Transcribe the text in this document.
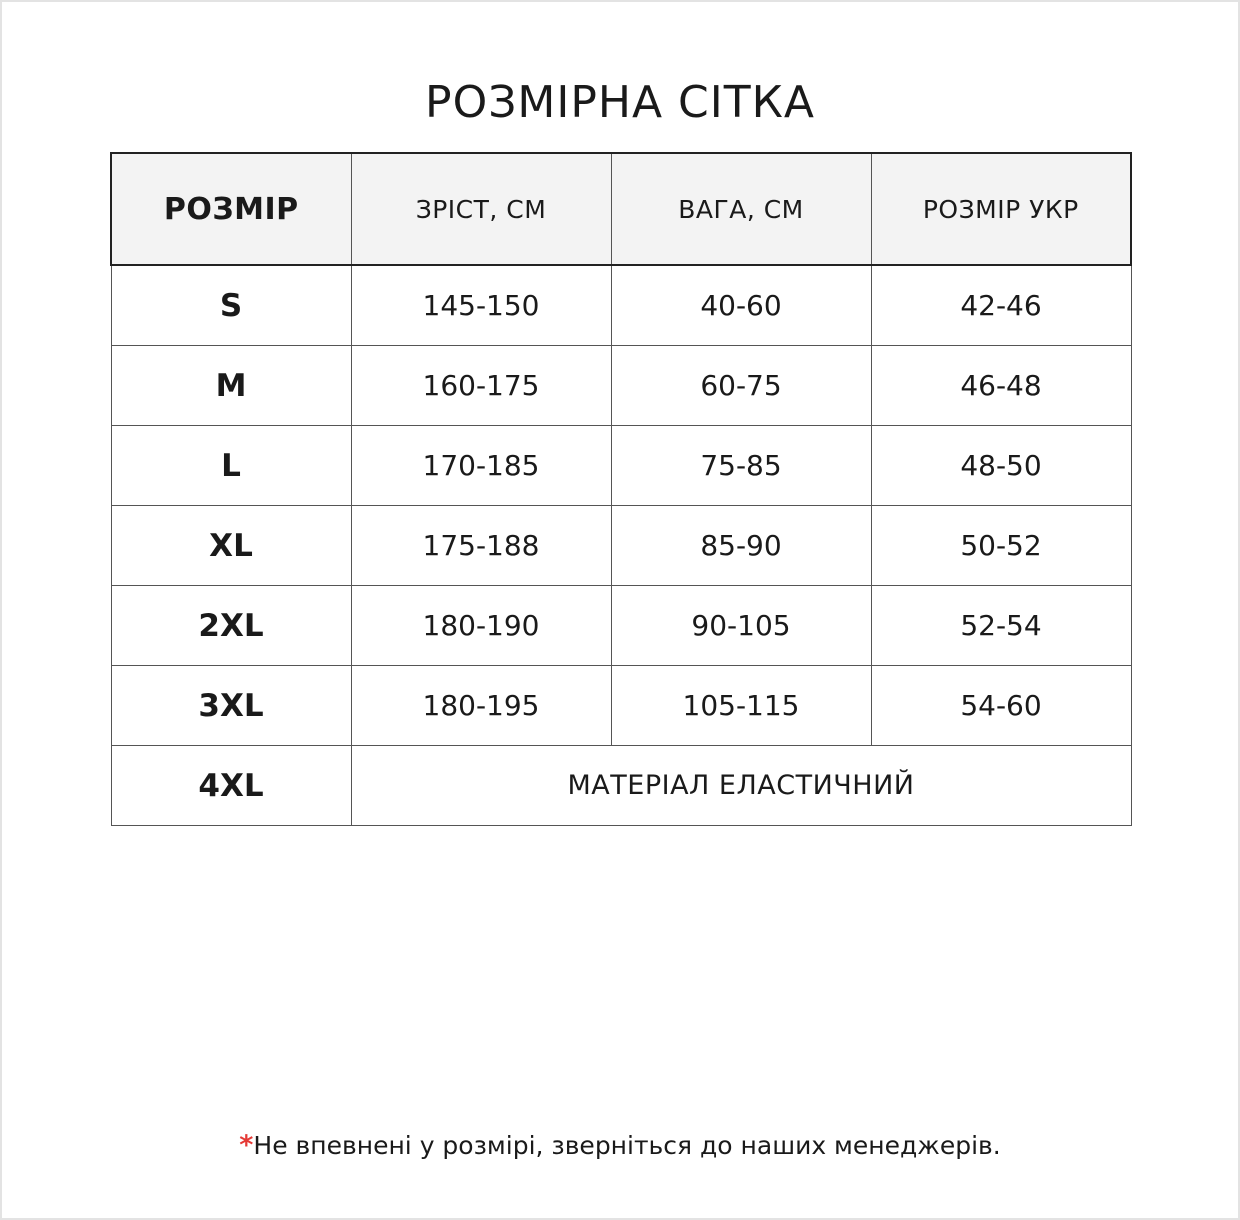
РОЗМІРНА СІТКА
РОЗМІР	ЗРІСТ, СМ	ВАГА, СМ	РОЗМІР УКР
S	145-150	40-60	42-46
M	160-175	60-75	46-48
L	170-185	75-85	48-50
XL	175-188	85-90	50-52
2XL	180-190	90-105	52-54
3XL	180-195	105-115	54-60
4XL	МАТЕРІАЛ ЕЛАСТИЧНИЙ		
*Не впевнені у розмірі, зверніться до наших менеджерів.
